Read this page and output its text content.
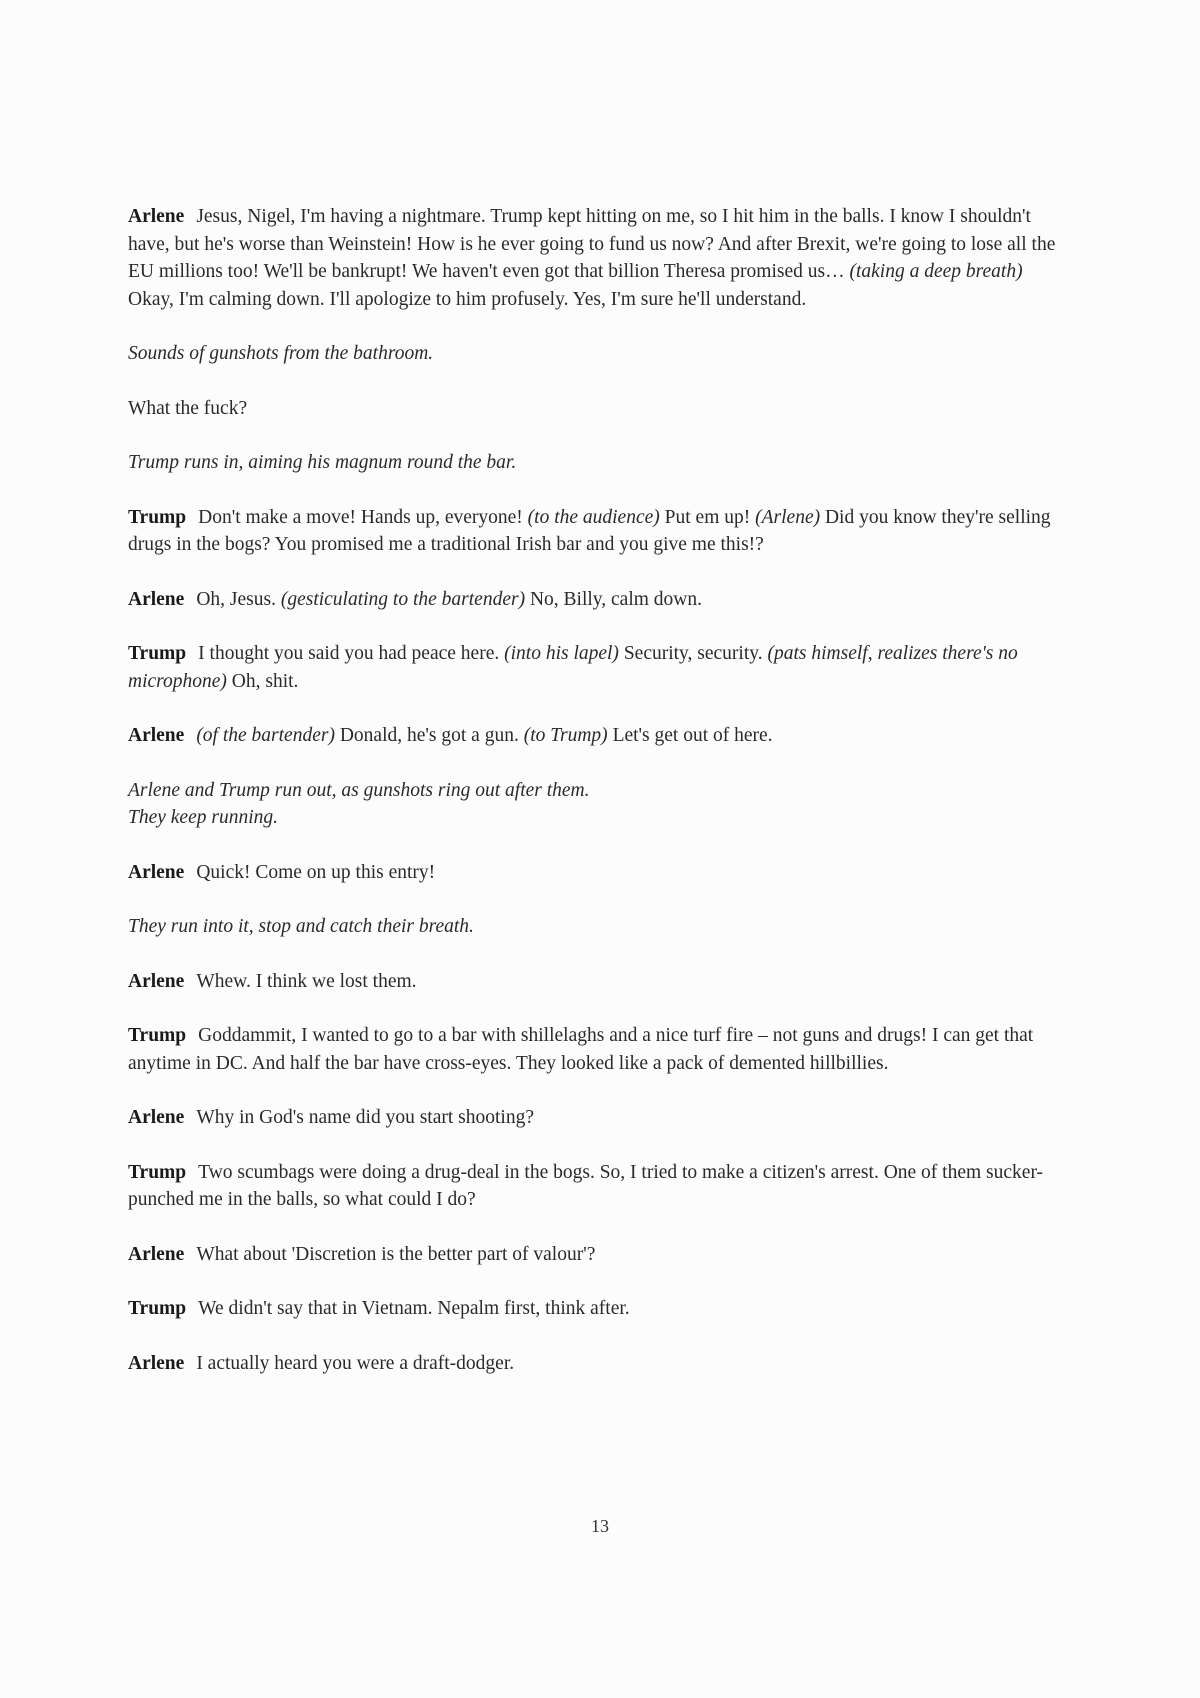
Arlene Jesus, Nigel, I'm having a nightmare. Trump kept hitting on me, so I hit him in the balls. I know I shouldn't have, but he's worse than Weinstein! How is he ever going to fund us now? And after Brexit, we're going to lose all the EU millions too! We'll be bankrupt! We haven't even got that billion Theresa promised us… (taking a deep breath) Okay, I'm calming down. I'll apologize to him profusely. Yes, I'm sure he'll understand.

Sounds of gunshots from the bathroom.

What the fuck?

Trump runs in, aiming his magnum round the bar.

Trump Don't make a move! Hands up, everyone! (to the audience) Put em up! (Arlene) Did you know they're selling drugs in the bogs? You promised me a traditional Irish bar and you give me this!?

Arlene Oh, Jesus. (gesticulating to the bartender) No, Billy, calm down.

Trump I thought you said you had peace here. (into his lapel) Security, security. (pats himself, realizes there's no microphone) Oh, shit.

Arlene (of the bartender) Donald, he's got a gun. (to Trump) Let's get out of here.

Arlene and Trump run out, as gunshots ring out after them.
They keep running.

Arlene Quick! Come on up this entry!

They run into it, stop and catch their breath.

Arlene Whew. I think we lost them.

Trump Goddammit, I wanted to go to a bar with shillelaghs and a nice turf fire – not guns and drugs! I can get that anytime in DC. And half the bar have cross-eyes. They looked like a pack of demented hillbillies.

Arlene Why in God's name did you start shooting?

Trump Two scumbags were doing a drug-deal in the bogs. So, I tried to make a citizen's arrest. One of them sucker-punched me in the balls, so what could I do?

Arlene What about 'Discretion is the better part of valour'?

Trump We didn't say that in Vietnam. Nepalm first, think after.

Arlene I actually heard you were a draft-dodger.

13
